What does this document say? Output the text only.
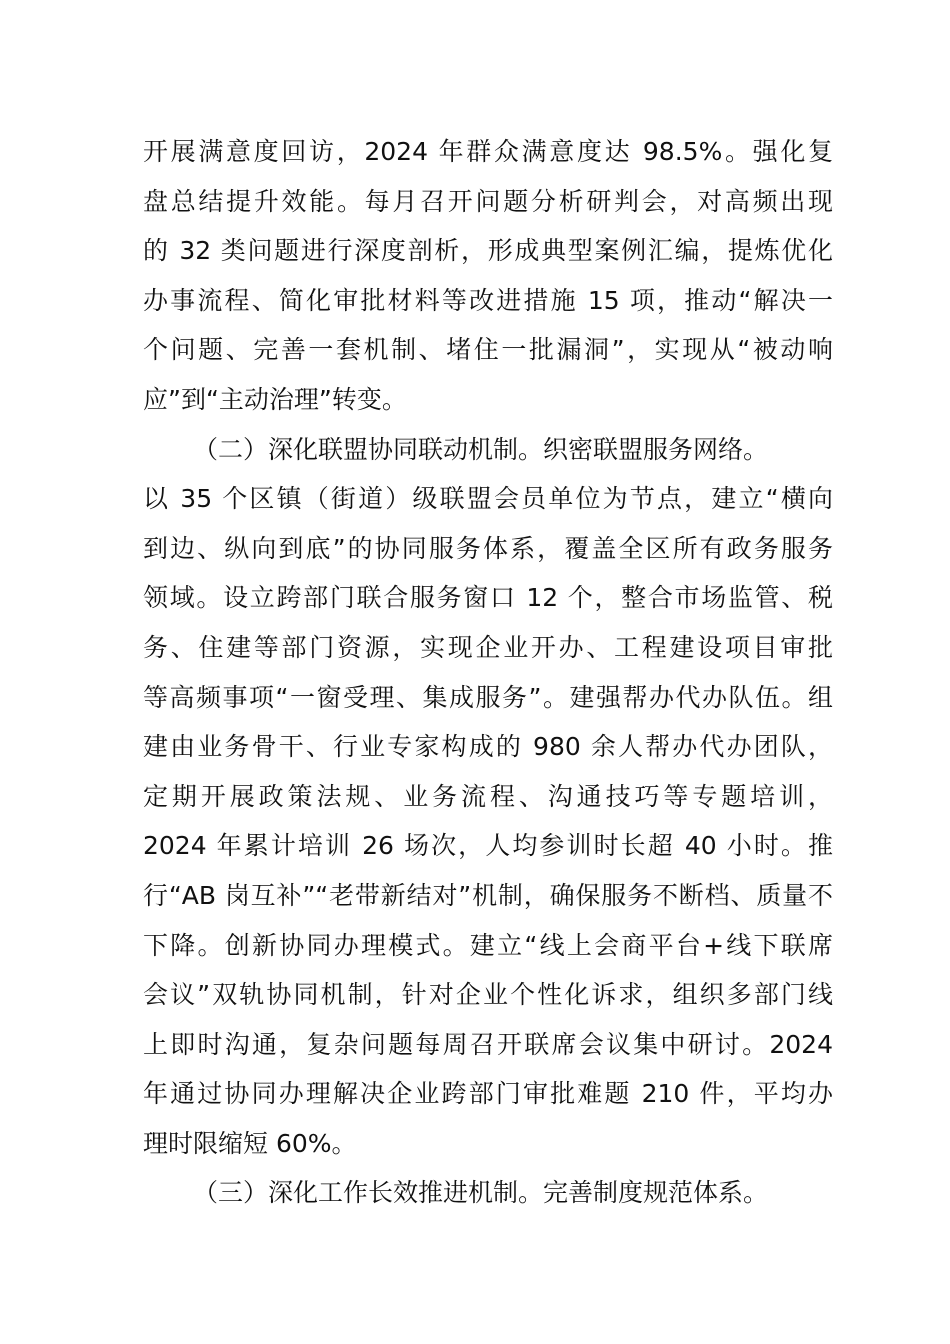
开展满意度回访，2024 年群众满意度达 98.5%。强化复
盘总结提升效能。每月召开问题分析研判会，对高频出现
的 32 类问题进行深度剖析，形成典型案例汇编，提炼优化
办事流程、简化审批材料等改进措施 15 项，推动“解决一
个问题、完善一套机制、堵住一批漏洞”，实现从“被动响
应”到“主动治理”转变。
（二）深化联盟协同联动机制。织密联盟服务网络。
以 35 个区镇（街道）级联盟会员单位为节点，建立“横向
到边、纵向到底”的协同服务体系，覆盖全区所有政务服务
领域。设立跨部门联合服务窗口 12 个，整合市场监管、税
务、住建等部门资源，实现企业开办、工程建设项目审批
等高频事项“一窗受理、集成服务”。建强帮办代办队伍。组
建由业务骨干、行业专家构成的 980 余人帮办代办团队，
定期开展政策法规、业务流程、沟通技巧等专题培训，
2024 年累计培训 26 场次，人均参训时长超 40 小时。推
行“AB 岗互补”“老带新结对”机制，确保服务不断档、质量不
下降。创新协同办理模式。建立“线上会商平台+线下联席
会议”双轨协同机制，针对企业个性化诉求，组织多部门线
上即时沟通，复杂问题每周召开联席会议集中研讨。2024
年通过协同办理解决企业跨部门审批难题 210 件，平均办
理时限缩短 60%。
（三）深化工作长效推进机制。完善制度规范体系。
